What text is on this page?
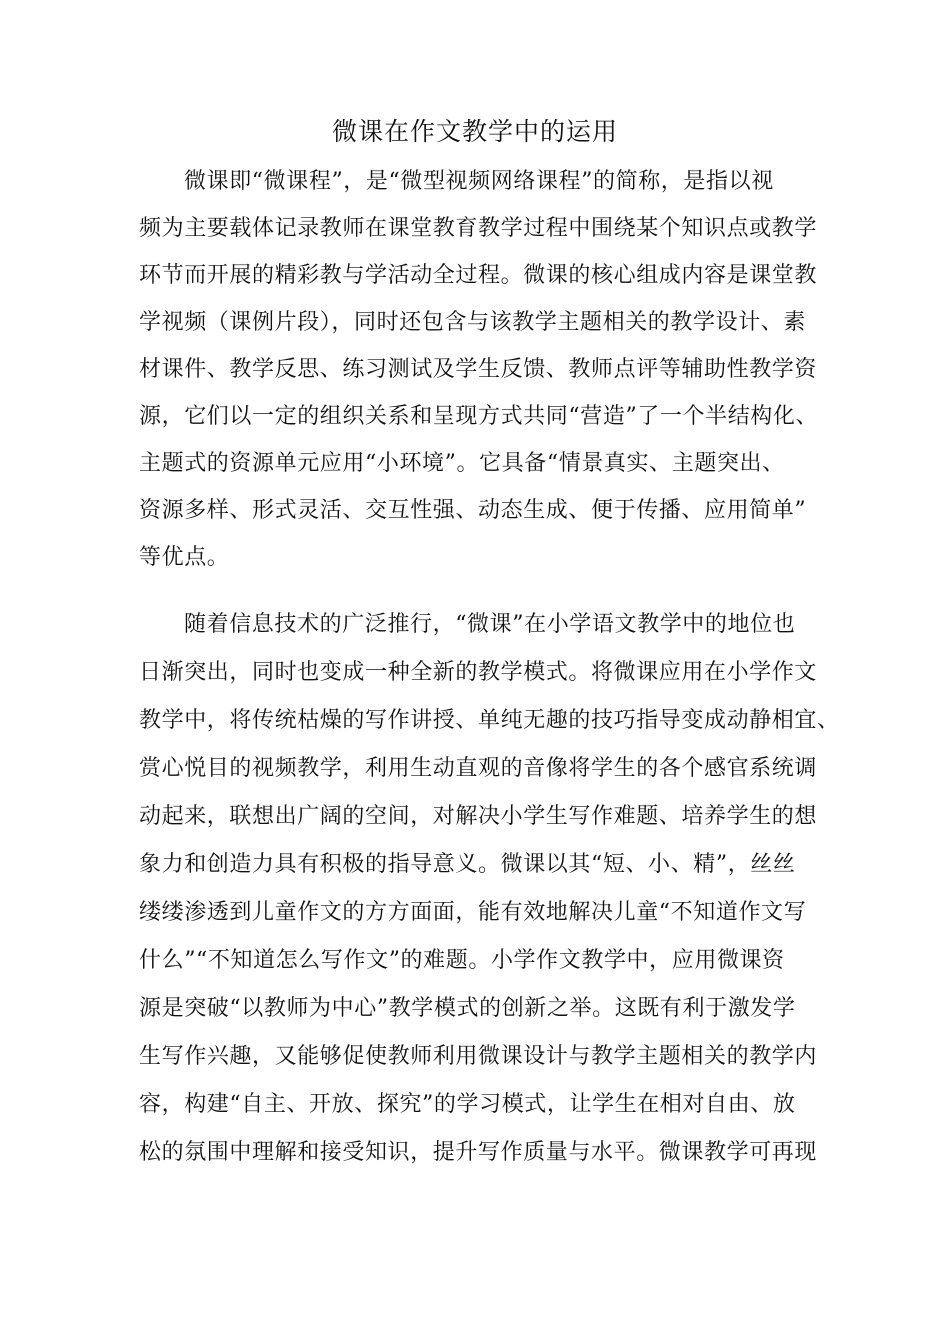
微课在作文教学中的运用
微课即“微课程”，是“微型视频网络课程”的简称，是指以视
频为主要载体记录教师在课堂教育教学过程中围绕某个知识点或教学
环节而开展的精彩教与学活动全过程。微课的核心组成内容是课堂教
学视频（课例片段），同时还包含与该教学主题相关的教学设计、素
材课件、教学反思、练习测试及学生反馈、教师点评等辅助性教学资
源，它们以一定的组织关系和呈现方式共同“营造”了一个半结构化、
主题式的资源单元应用“小环境”。它具备“情景真实、主题突出、
资源多样、形式灵活、交互性强、动态生成、便于传播、应用简单”
等优点。
随着信息技术的广泛推行，“微课”在小学语文教学中的地位也
日渐突出，同时也变成一种全新的教学模式。将微课应用在小学作文
教学中，将传统枯燥的写作讲授、单纯无趣的技巧指导变成动静相宜、
赏心悦目的视频教学，利用生动直观的音像将学生的各个感官系统调
动起来，联想出广阔的空间，对解决小学生写作难题、培养学生的想
象力和创造力具有积极的指导意义。微课以其“短、小、精”，丝丝
缕缕渗透到儿童作文的方方面面，能有效地解决儿童“不知道作文写
什么”“不知道怎么写作文”的难题。小学作文教学中，应用微课资
源是突破“以教师为中心”教学模式的创新之举。这既有利于激发学
生写作兴趣，又能够促使教师利用微课设计与教学主题相关的教学内
容，构建“自主、开放、探究”的学习模式，让学生在相对自由、放
松的氛围中理解和接受知识，提升写作质量与水平。微课教学可再现
